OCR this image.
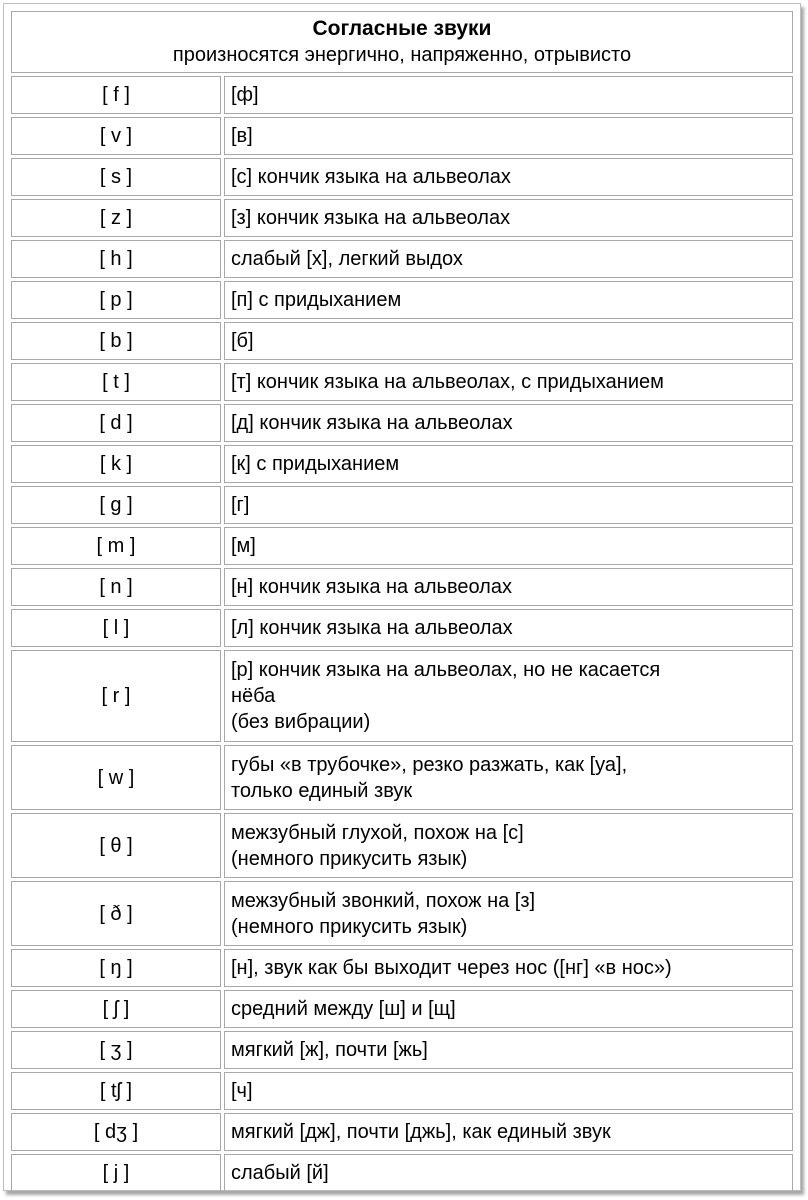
Согласные звуки
произносятся энергично, напряженно, отрывисто	

[ f ]	[ф]

[ v ]	[в]

[ s ]	[с] кончик языка на альвеолах

[ z ]	[з] кончик языка на альвеолах

[ h ]	слабый [х], легкий выдох

[ p ]	[п] с придыханием

[ b ]	[б]

[ t ]	[т] кончик языка на альвеолах, с придыханием

[ d ]	[д] кончик языка на альвеолах

[ k ]	[к] с придыханием

[ g ]	[г]

[ m ]	[м]

[ n ]	[н] кончик языка на альвеолах

[ l ]	[л] кончик языка на альвеолах

[ r ]	[р] кончик языка на альвеолах, но не касается
нёба
(без вибрации)

[ w ]	губы «в трубочке», резко разжать, как [уа],
только единый звук

[ θ ]	межзубный глухой, похож на [с]
(немного прикусить язык)

[ ð ]	межзубный звонкий, похож на [з]
(немного прикусить язык)

[ ŋ ]	[н], звук как бы выходит через нос ([нг] «в нос»)

[ ʃ ]	средний между [ш] и [щ]

[ ʒ ]	мягкий [ж], почти [жь]

[ tʃ ]	[ч]

[ dʒ ]	мягкий [дж], почти [джь], как единый звук

[ j ]	слабый [й]
